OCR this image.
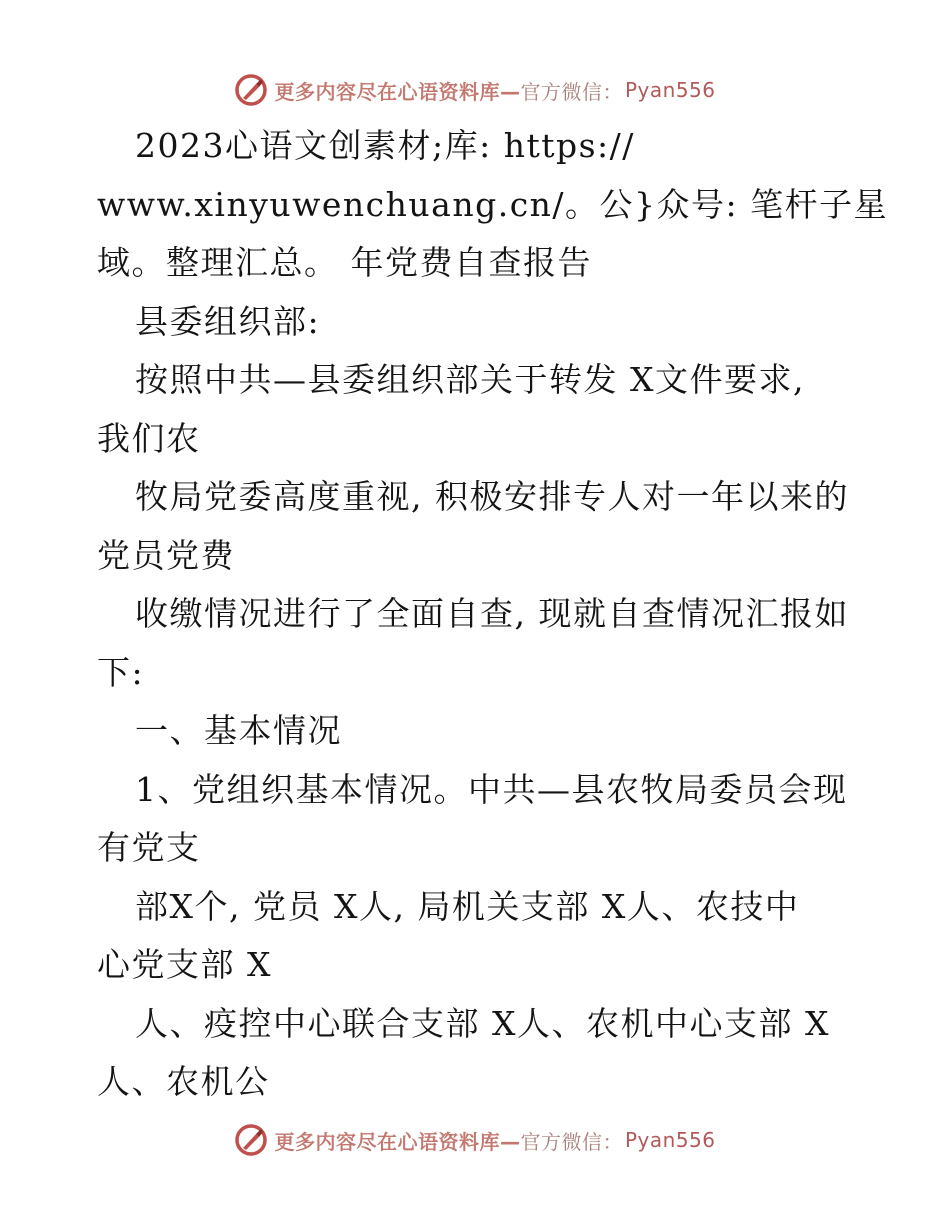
更多内容尽在心语资料库— 官方微信： Pyan556
2023心语文创素材;库: https://
www.xinyuwenchuang.cn/。公}众号: 笔杆子星
域。整理汇总。 年党费自查报告
县委组织部:
按照中共—县委组织部关于转发 X文件要求,
我们农
牧局党委高度重视, 积极安排专人对一年以来的
党员党费
收缴情况进行了全面自查, 现就自查情况汇报如
下:
一、基本情况
1、党组织基本情况。中共—县农牧局委员会现
有党支
部X个, 党员 X人, 局机关支部 X人、农技中
心党支部 X
人、疫控中心联合支部 X人、农机中心支部 X
人、农机公
更多内容尽在心语资料库— 官方微信： Pyan556
